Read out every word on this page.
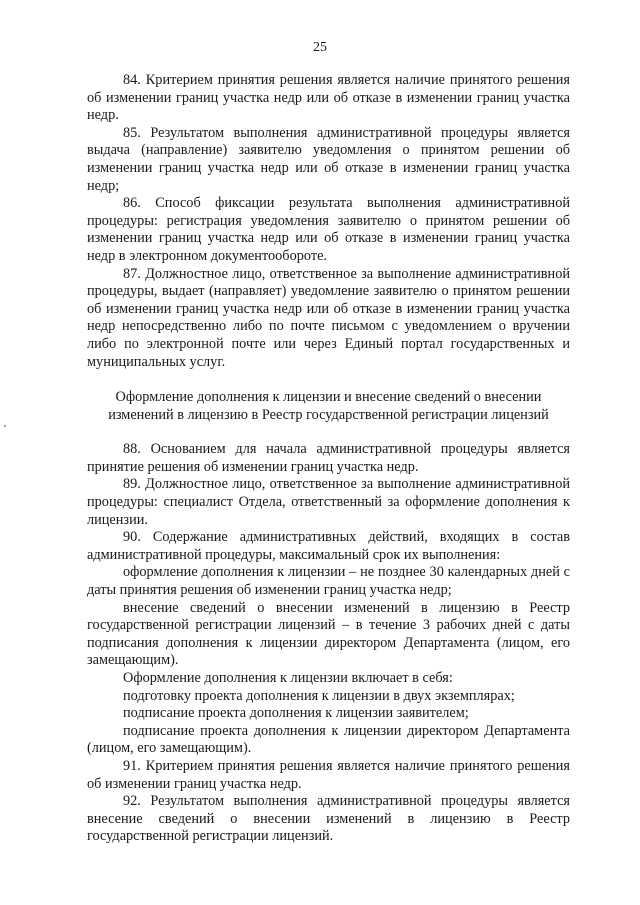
25

84. Критерием принятия решения является наличие принятого решения об изменении границ участка недр или об отказе в изменении границ участка недр.

85. Результатом выполнения административной процедуры является выдача (направление) заявителю уведомления о принятом решении об изменении границ участка недр или об отказе в изменении границ участка недр;

86. Способ фиксации результата выполнения административной процедуры: регистрация уведомления заявителю о принятом решении об изменении границ участка недр или об отказе в изменении границ участка недр в электронном документообороте.

87. Должностное лицо, ответственное за выполнение административной процедуры, выдает (направляет) уведомление заявителю о принятом решении об изменении границ участка недр или об отказе в изменении границ участка недр непосредственно либо по почте письмом с уведомлением о вручении либо по электронной почте или через Единый портал государственных и муниципальных услуг.

Оформление дополнения к лицензии и внесение сведений о внесении изменений в лицензию в Реестр государственной регистрации лицензий

88. Основанием для начала административной процедуры является принятие решения об изменении границ участка недр.

89. Должностное лицо, ответственное за выполнение административной процедуры: специалист Отдела, ответственный за оформление дополнения к лицензии.

90. Содержание административных действий, входящих в состав административной процедуры, максимальный срок их выполнения:

оформление дополнения к лицензии – не позднее 30 календарных дней с даты принятия решения об изменении границ участка недр;

внесение сведений о внесении изменений в лицензию в Реестр государственной регистрации лицензий – в течение 3 рабочих дней с даты подписания дополнения к лицензии директором Департамента (лицом, его замещающим).

Оформление дополнения к лицензии включает в себя:

подготовку проекта дополнения к лицензии в двух экземплярах;

подписание проекта дополнения к лицензии заявителем;

подписание проекта дополнения к лицензии директором Департамента (лицом, его замещающим).

91. Критерием принятия решения является наличие принятого решения об изменении границ участка недр.

92. Результатом выполнения административной процедуры является внесение сведений о внесении изменений в лицензию в Реестр государственной регистрации лицензий.
